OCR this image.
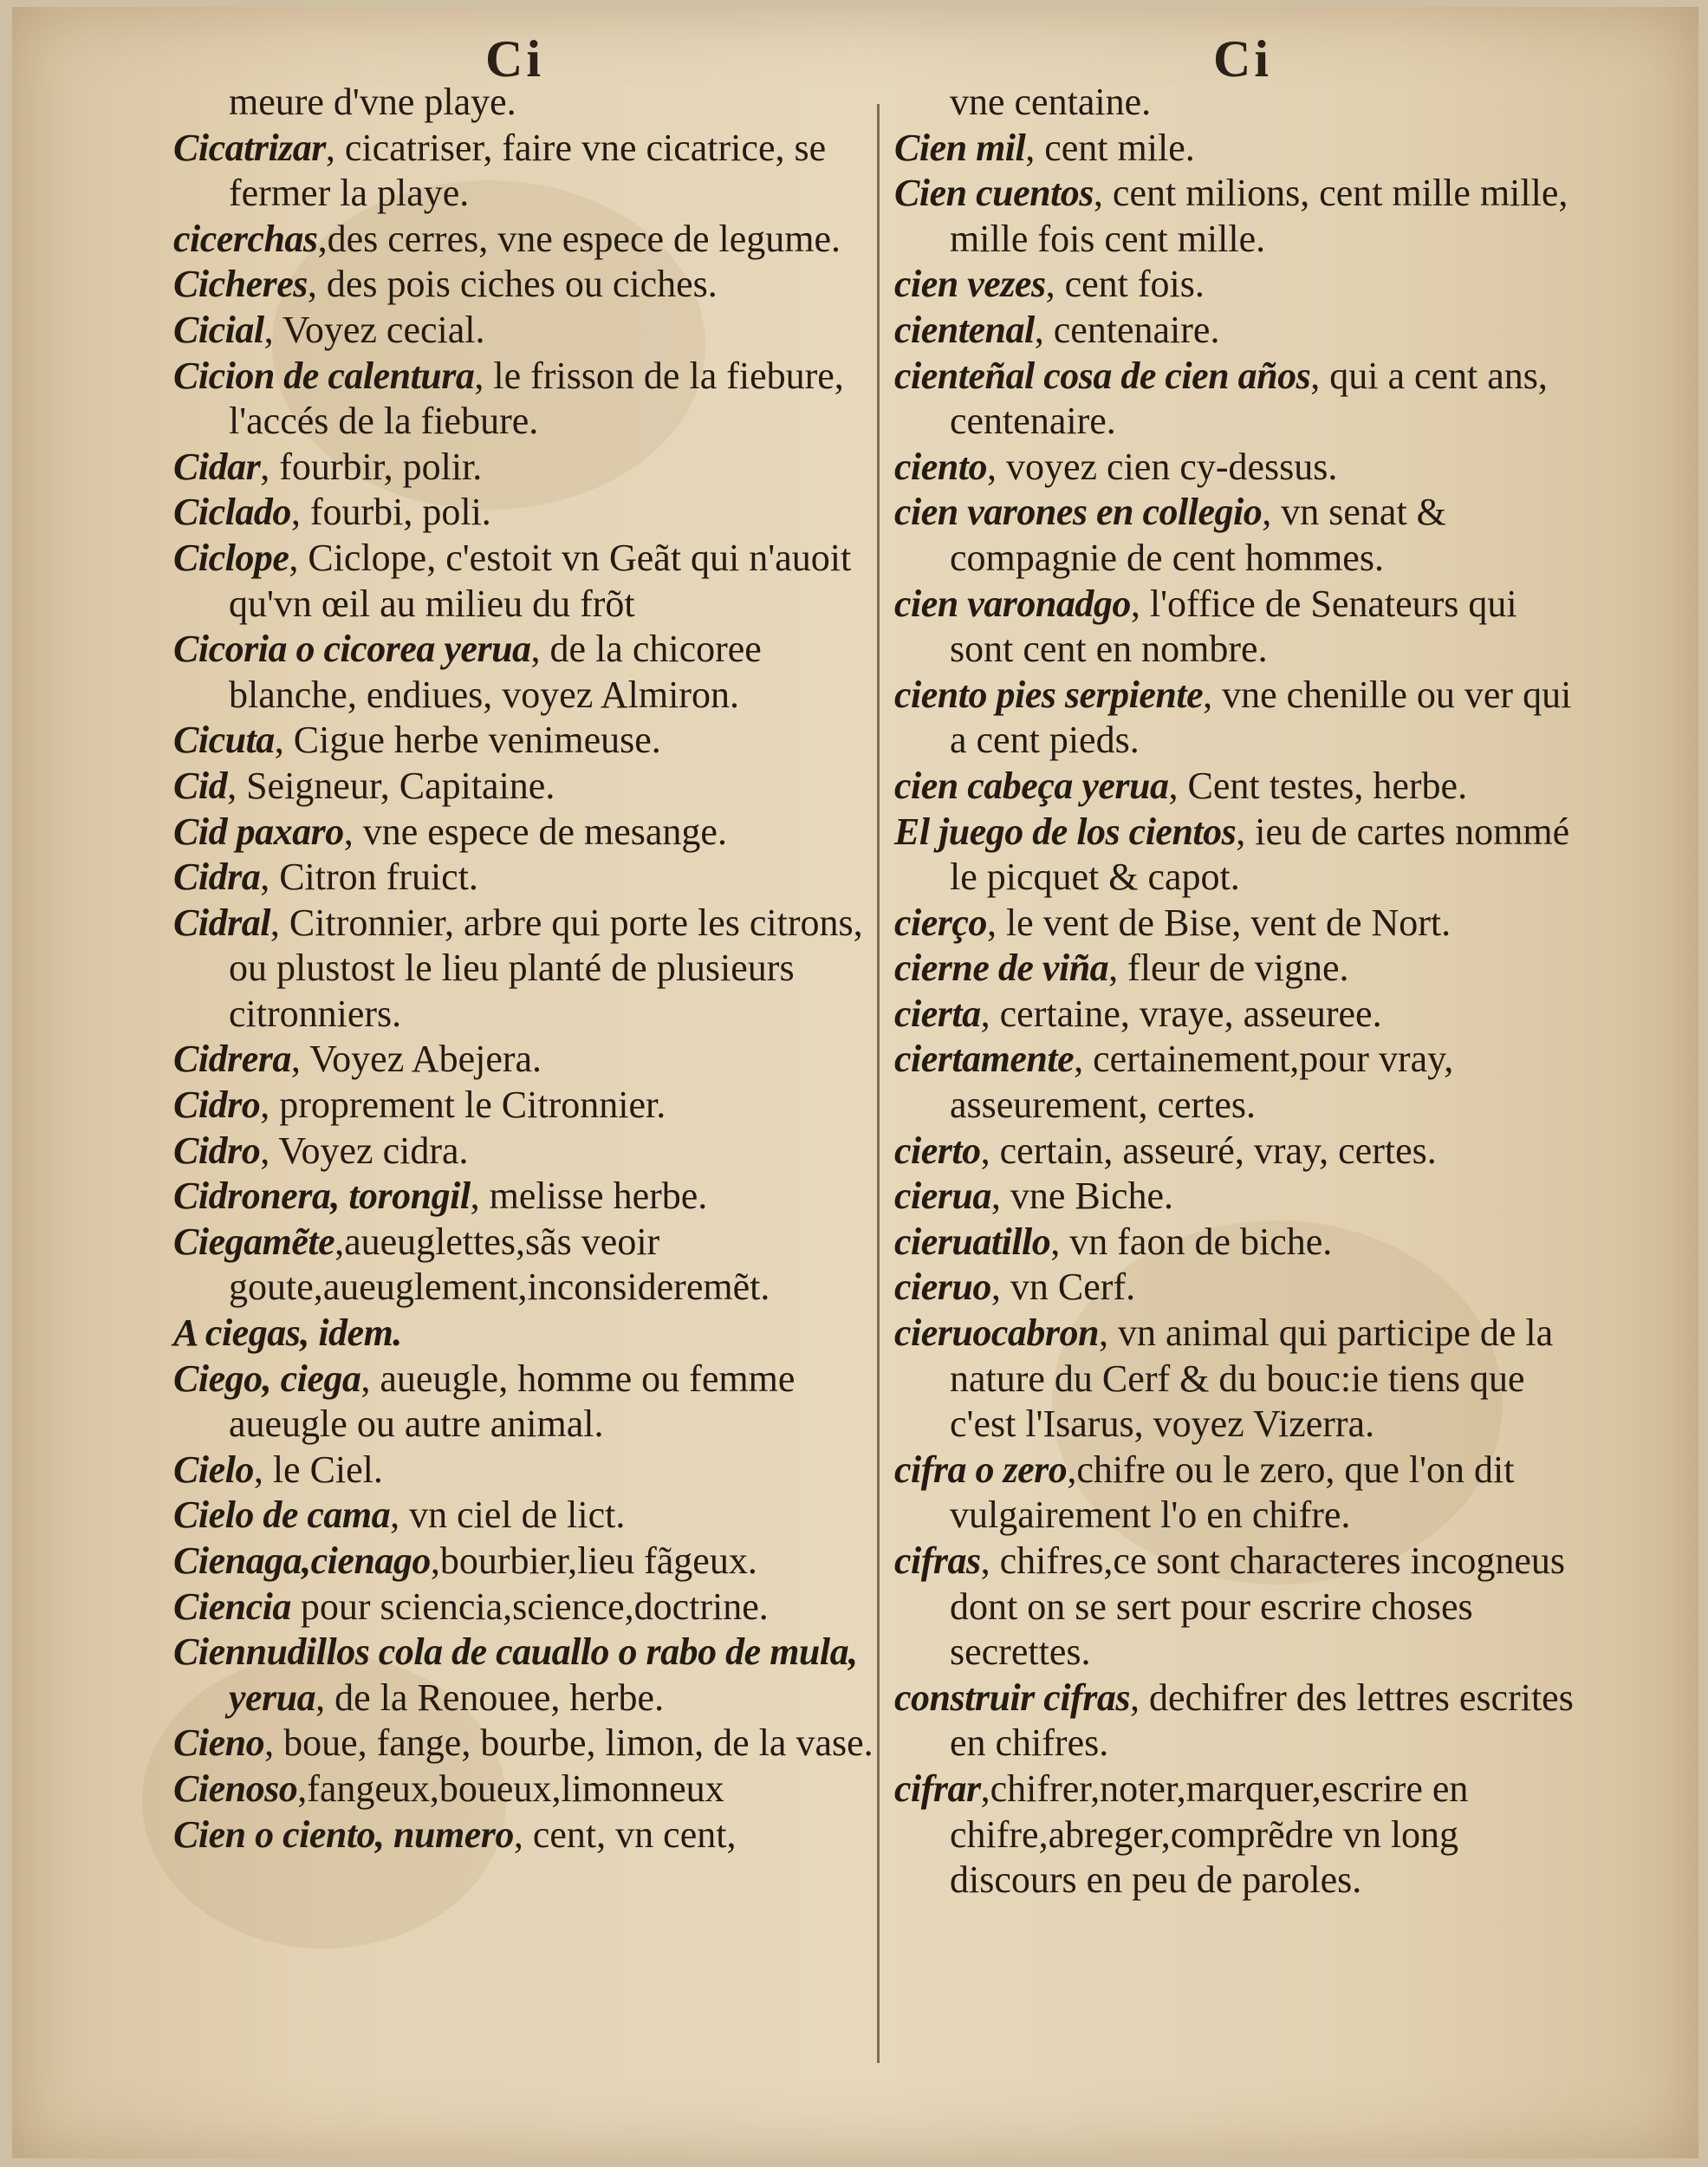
Ci	Ci

meure d'vne playe.

Cicatrizar, cicatriser, faire vne cicatrice, se fermer la playe.

cicerchas,des cerres, vne espece de legume.

Cicheres, des pois ciches ou ciches.

Cicial, Voyez cecial.

Cicion de calentura, le frisson de la fiebure, l'accés de la fiebure.

Cidar, fourbir, polir.

Ciclado, fourbi, poli.

Ciclope, Ciclope, c'estoit vn Geãt qui n'auoit qu'vn œil au milieu du frõt

Cicoria o cicorea yerua, de la chicoree blanche, endiues, voyez Almiron.

Cicuta, Cigue herbe venimeuse.

Cid, Seigneur, Capitaine.

Cid paxaro, vne espece de mesange.

Cidra, Citron fruict.

Cidral, Citronnier, arbre qui porte les citrons, ou plustost le lieu planté de plusieurs citronniers.

Cidrera, Voyez Abejera.

Cidro, proprement le Citronnier.

Cidro, Voyez cidra.

Cidronera, torongil, melisse herbe.

Ciegamẽte,aueuglettes,sãs veoir goute,aueuglement,inconsideremẽt.

A ciegas, idem.

Ciego, ciega, aueugle, homme ou femme aueugle ou autre animal.

Cielo, le Ciel.

Cielo de cama, vn ciel de lict.

Cienaga,cienago,bourbier,lieu fãgeux.

Ciencia pour sciencia,science,doctrine.

Ciennudillos cola de cauallo o rabo de mula, yerua, de la Renouee, herbe.

Cieno, boue, fange, bourbe, limon, de la vase.

Cienoso,fangeux,boueux,limonneux

Cien o ciento, numero, cent, vn cent,

vne centaine.

Cien mil, cent mile.

Cien cuentos, cent milions, cent mille mille, mille fois cent mille.

cien vezes, cent fois.

cientenal, centenaire.

cienteñal cosa de cien años, qui a cent ans, centenaire.

ciento, voyez cien cy-dessus.

cien varones en collegio, vn senat & compagnie de cent hommes.

cien varonadgo, l'office de Senateurs qui sont cent en nombre.

ciento pies serpiente, vne chenille ou ver qui a cent pieds.

cien cabeça yerua, Cent testes, herbe.

El juego de los cientos, ieu de cartes nommé le picquet & capot.

cierço, le vent de Bise, vent de Nort.

cierne de viña, fleur de vigne.

cierta, certaine, vraye, asseuree.

ciertamente, certainement,pour vray, asseurement, certes.

cierto, certain, asseuré, vray, certes.

cierua, vne Biche.

cieruatillo, vn faon de biche.

cieruo, vn Cerf.

cieruocabron, vn animal qui participe de la nature du Cerf & du bouc:ie tiens que c'est l'Isarus, voyez Vizerra.

cifra o zero,chifre ou le zero, que l'on dit vulgairement l'o en chifre.

cifras, chifres,ce sont characteres incogneus dont on se sert pour escrire choses secrettes.

construir cifras, dechifrer des lettres escrites en chifres.

cifrar,chifrer,noter,marquer,escrire en chifre,abreger,comprẽdre vn long discours en peu de paroles.
